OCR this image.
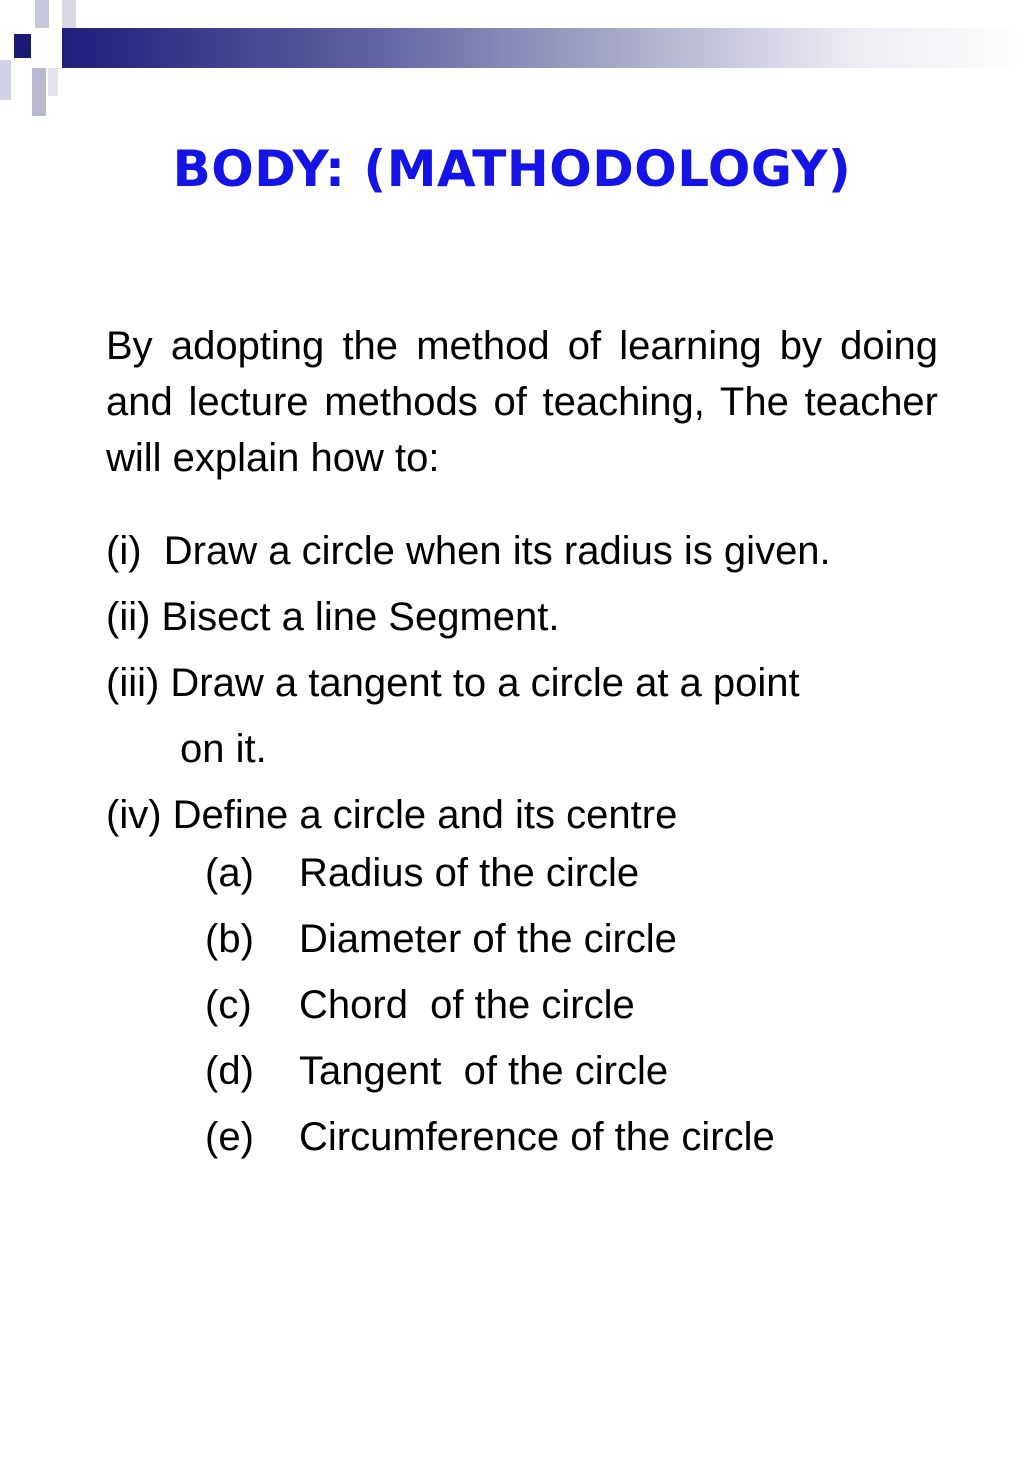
BODY: (MATHODOLOGY)

By adopting the method of learning by doing and lecture methods of teaching, The teacher will explain how to:

(i)  Draw a circle when its radius is given.
(ii) Bisect a line Segment.
(iii) Draw a tangent to a circle at a point
on it.
(iv) Define a circle and its centre
(a)	Radius of the circle
(b)	Diameter of the circle
(c)	Chord  of the circle
(d)	Tangent  of the circle
(e)	Circumference of the circle
